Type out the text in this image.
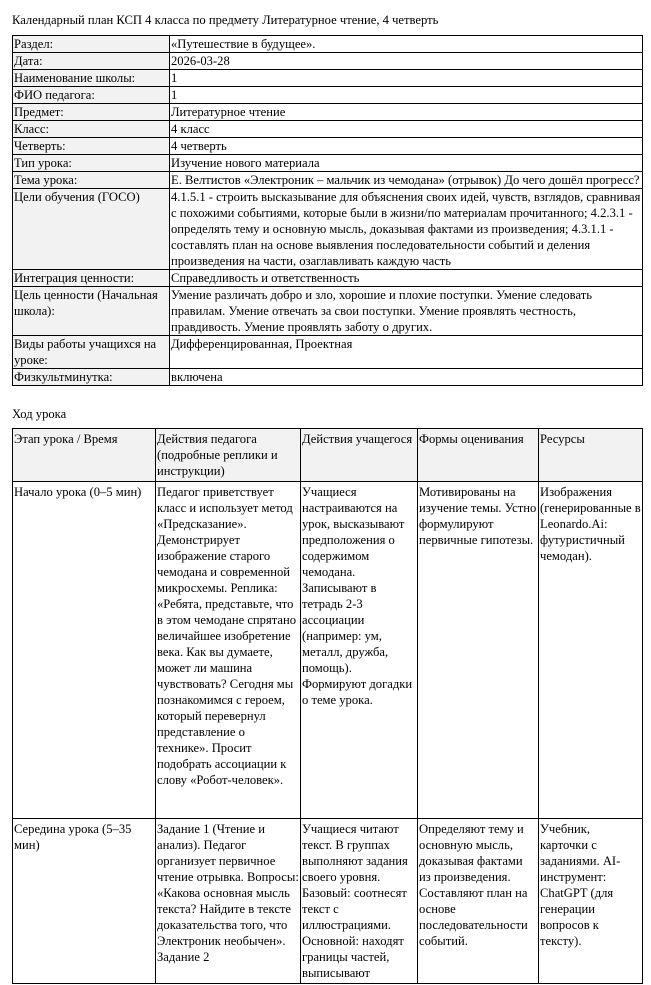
Календарный план КСП 4 класса по предмету Литературное чтение, 4 четверть
Раздел:	«Путешествие в будущее».
Дата:	2026-03-28
Наименование школы:	1
ФИО педагога:	1
Предмет:	Литературное чтение
Класс:	4 класс
Четверть:	4 четверть
Тип урока:	Изучение нового материала
Тема урока:	Е. Велтистов «Электроник – мальчик из чемодана» (отрывок) До чего дошёл прогресс?
Цели обучения (ГОСО)	4.1.5.1 - строить высказывание для объяснения своих идей, чувств, взглядов, сравнивая с похожими событиями, которые были в жизни/по материалам прочитанного; 4.2.3.1 - определять тему и основную мысль, доказывая фактами из произведения; 4.3.1.1 - составлять план на основе выявления последовательности событий и деления произведения на части, озаглавливать каждую часть
Интеграция ценности:	Справедливость и ответственность
Цель ценности (Начальная школа):	Умение различать добро и зло, хорошие и плохие поступки. Умение следовать правилам. Умение отвечать за свои поступки. Умение проявлять честность, правдивость. Умение проявлять заботу о других.
Виды работы учащихся на уроке:	Дифференцированная, Проектная
Физкультминутка:	включена
Ход урока
Этап урока / Время	Действия педагога (подробные реплики и инструкции)	Действия учащегося	Формы оценивания	Ресурсы
Начало урока (0–5 мин)	Педагог приветствует класс и использует метод «Предсказание». Демонстрирует изображение старого чемодана и современной микросхемы. Реплика: «Ребята, представьте, что в этом чемодане спрятано величайшее изобретение века. Как вы думаете, может ли машина чувствовать? Сегодня мы познакомимся с героем, который перевернул представление о технике». Просит подобрать ассоциации к слову «Робот-человек».	Учащиеся настраиваются на урок, высказывают предположения о содержимом чемодана. Записывают в тетрадь 2-3 ассоциации (например: ум, металл, дружба, помощь). Формируют догадки о теме урока.	Мотивированы на изучение темы. Устно формулируют первичные гипотезы.	Изображения (генерированные в Leonardo.Ai: футуристичный чемодан).
Середина урока (5–35 мин)	Задание 1 (Чтение и анализ). Педагог организует первичное чтение отрывка. Вопросы: «Какова основная мысль текста? Найдите в тексте доказательства того, что Электроник необычен». Задание 2	Учащиеся читают текст. В группах выполняют задания своего уровня. Базовый: соотнесят текст с иллюстрациями. Основной: находят границы частей, выписывают	Определяют тему и основную мысль, доказывая фактами из произведения. Составляют план на основе последовательности событий.	Учебник, карточки с заданиями. AI-инструмент: ChatGPT (для генерации вопросов к тексту).
